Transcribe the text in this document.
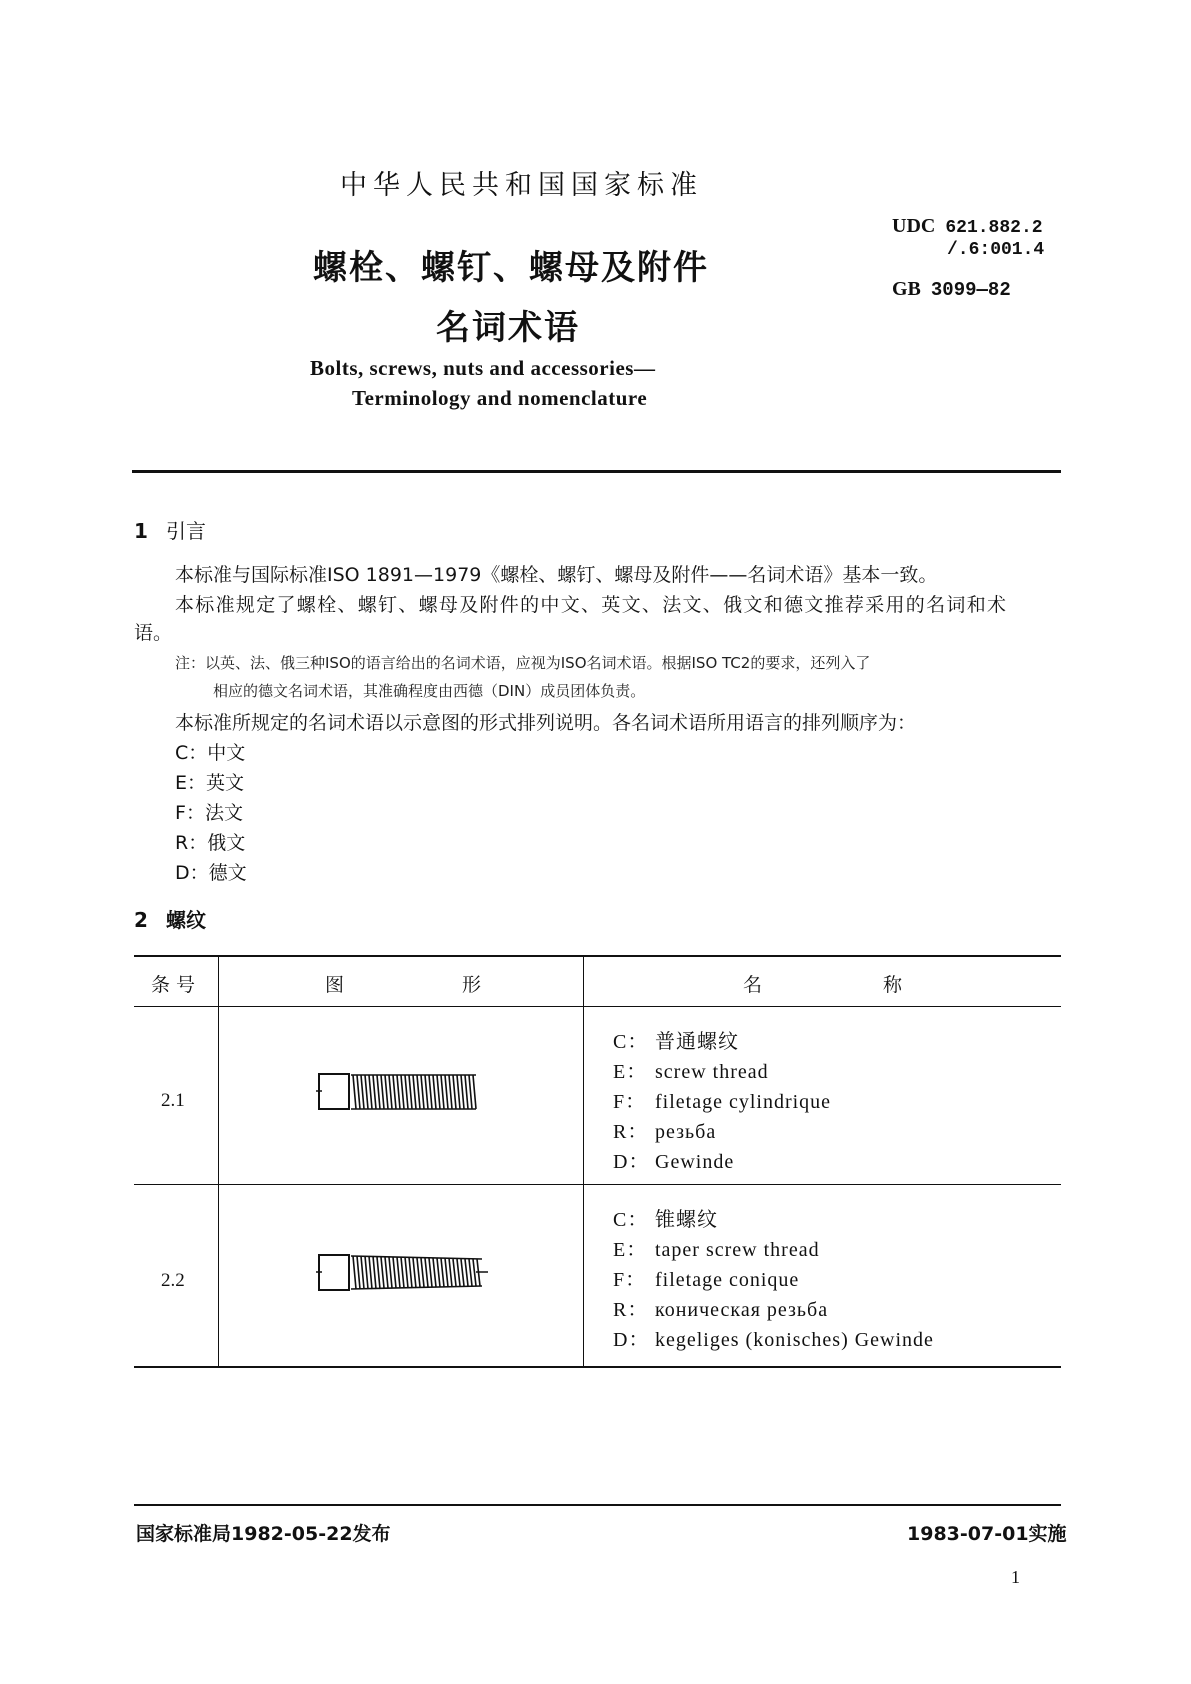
中华人民共和国国家标准
螺栓、螺钉、螺母及附件
名词术语
Bolts, screws, nuts and accessories—
Terminology and nomenclature
UDC 621.882.2
/.6:001.4
GB 3099—82
1 引言
本标准与国际标准ISO 1891—1979《螺栓、螺钉、螺母及附件——名词术语》基本一致。
本标准规定了螺栓、螺钉、螺母及附件的中文、英文、法文、俄文和德文推荐采用的名词和术
语。
注：以英、法、俄三种ISO的语言给出的名词术语，应视为ISO名词术语。根据ISO TC2的要求，还列入了
相应的德文名词术语，其准确程度由西德（DIN）成员团体负责。
本标准所规定的名词术语以示意图的形式排列说明。各名词术语所用语言的排列顺序为：
C：中文
E：英文
F：法文
R：俄文
D：德文
2 螺纹
条 号	图	形	名	称
2.1
C： 普通螺纹
E： screw thread
F： filetage cylindrique
R： резьба
D： Gewinde
2.2
C： 锥螺纹
E： taper screw thread
F： filetage conique
R： коническая резьба
D： kegeliges (konisches) Gewinde
国家标准局1982-05-22发布	1983-07-01实施
1
